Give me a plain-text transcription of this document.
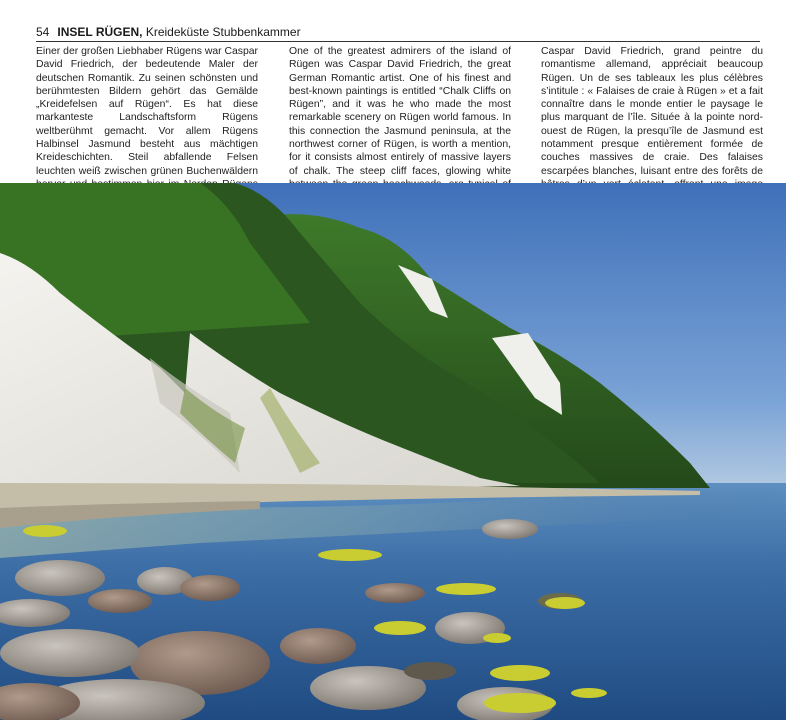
54 INSEL RÜGEN, Kreideküste Stubbenkammer
Einer der großen Liebhaber Rügens war Caspar David Friedrich, der bedeutende Maler der deutschen Romantik. Zu seinen schönsten und berühmtesten Bildern gehört das Gemälde „Kreidefelsen auf Rügen“. Es hat diese markanteste Landschaftsform Rügens weltberühmt gemacht. Vor allem Rügens Halbinsel Jasmund besteht aus mächtigen Kreideschichten. Steil abfallende Felsen leuchten weiß zwischen grünen Buchenwäldern
One of the greatest admirers of the island of Rügen was Caspar David Friedrich, the great German Romantic artist. One of his finest and best-known paintings is entitled “Chalk Cliffs on Rügen”, and it was he who made the most remarkable scenery on Rügen world famous. In this connection the Jasmund peninsula, at the northwest corner of Rügen, is worth a mention, for it consists almost entirely of massive layers of chalk. The steep cliff faces, glowing white
Caspar David Friedrich, grand peintre du romantisme allemand, appréciait beaucoup Rügen. Un de ses tableaux les plus célèbres s’intitule : « Falaises de craie à Rügen » et a fait connaître dans le monde entier le paysage le plus marquant de l’île. Située à la pointe nord-ouest de Rügen, la presqu’île de Jasmund est notamment presque entièrement formée de couches massives de craie. Des falaises escarpées blanches, luisant entre des forêts de
